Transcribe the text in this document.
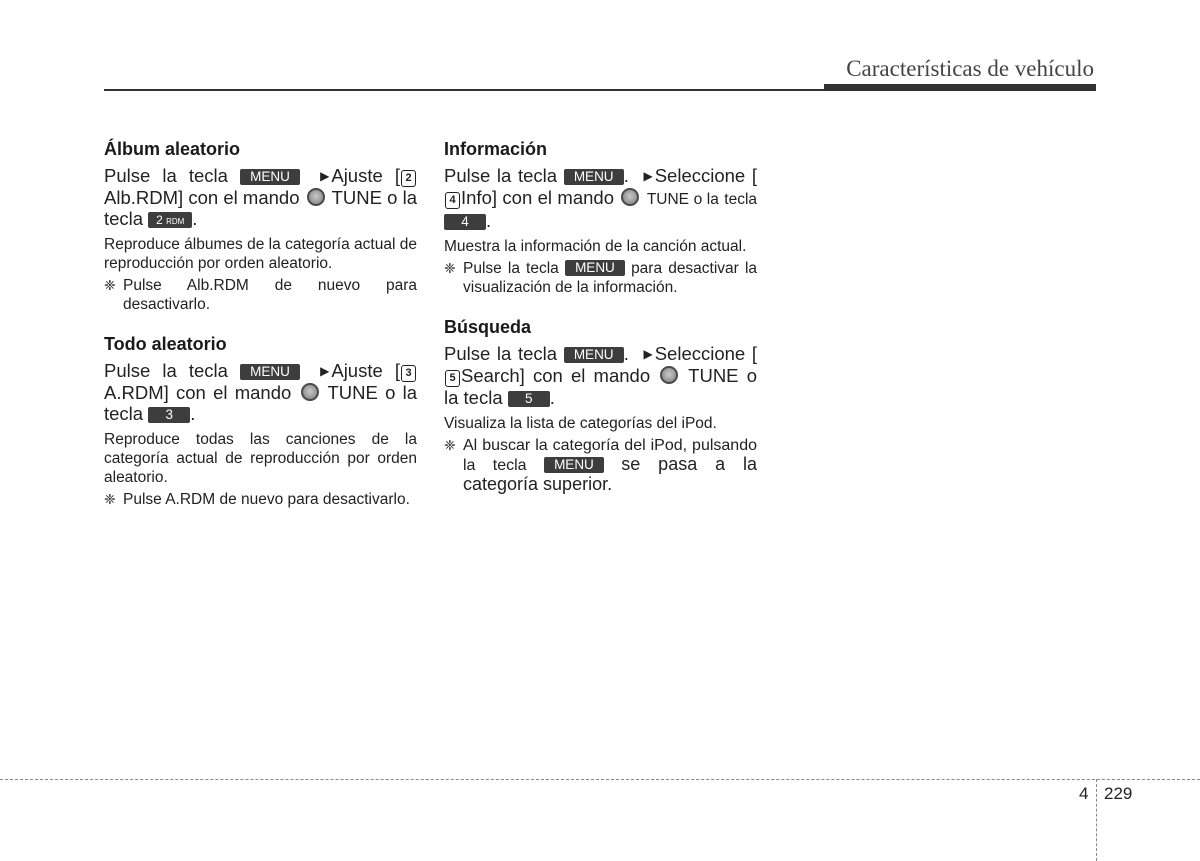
Características de vehículo
Álbum aleatorio

Pulse la tecla MENU	▶ Ajuste [ 2 Alb.RDM] con el mando TUNE o la tecla 2 RDM .

Reproduce álbumes de la categoría actual de reproducción por orden aleatorio.

❈ Pulse Alb.RDM de nuevo para desactivarlo.

Todo aleatorio

Pulse la tecla MENU	▶ Ajuste [ 3 A.RDM] con el mando TUNE o la tecla 3 .

Reproduce todas las canciones de la categoría actual de reproducción por orden aleatorio.

❈ Pulse A.RDM de nuevo para desactivarlo.

Información

Pulse la tecla MENU . ▶ Seleccione [4 Info] con el mando TUNE o la tecla 4 .

Muestra la información de la canción actual.

❈ Pulse la tecla MENU para desactivar la visualización de la información.

Búsqueda

Pulse la tecla MENU . ▶ Seleccione [5 Search] con el mando TUNE o la tecla 5 .

Visualiza la lista de categorías del iPod.

❈ Al buscar la categoría del iPod, pulsando la tecla MENU se pasa a la categoría superior.

4 229
